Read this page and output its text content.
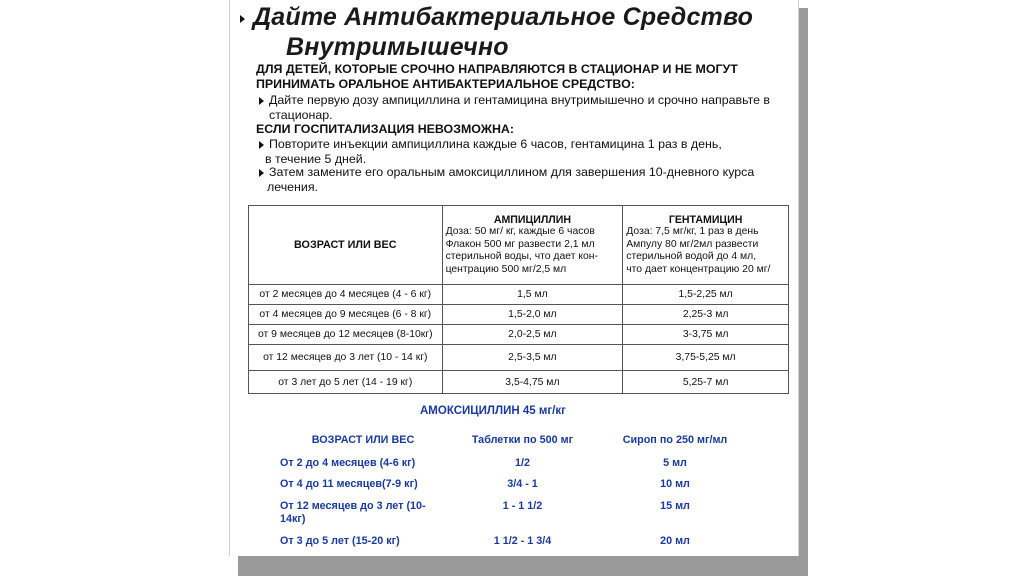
Дайте Антибактериальное Средство
Внутримышечно
ДЛЯ ДЕТЕЙ, КОТОРЫЕ СРОЧНО НАПРАВЛЯЮТСЯ В СТАЦИОНАР И НЕ МОГУТ
ПРИНИМАТЬ ОРАЛЬНОЕ АНТИБАКТЕРИАЛЬНОЕ СРЕДСТВО:
Дайте первую дозу ампициллина и гентамицина внутримышечно и срочно направьте в
стационар.
ЕСЛИ ГОСПИТАЛИЗАЦИЯ НЕВОЗМОЖНА:
Повторите инъекции ампициллина каждые 6 часов, гентамицина 1 раз в день,
в течение 5 дней.
Затем замените его оральным амоксициллином для завершения 10-дневного курса
лечения.
ВОЗРАСТ ИЛИ ВЕС	АМПИЦИЛЛИН
Доза: 50 мг/ кг, каждые 6 часов
Флакон 500 мг развести 2,1 мл
стерильной воды, что дает кон-
центрацию 500 мг/2,5 мл	ГЕНТАМИЦИН
Доза: 7,5 мг/кг, 1 раз в день
Ампулу 80 мг/2мл развести
стерильной водой до 4 мл,
что дает концентрацию 20 мг/
от 2 месяцев до 4 месяцев (4 - 6 кг)	1,5 мл	1,5-2,25 мл
от 4 месяцев до 9 месяцев (6 - 8 кг)	1,5-2,0 мл	2,25-3 мл
от 9 месяцев до 12 месяцев (8-10кг)	2,0-2,5 мл	3-3,75 мл
от 12 месяцев до 3 лет (10 - 14 кг)	2,5-3,5 мл	3,75-5,25 мл
от 3 лет до 5 лет (14 - 19 кг)	3,5-4,75 мл	5,25-7 мл
АМОКСИЦИЛЛИН 45 мг/кг
ВОЗРАСТ ИЛИ ВЕС	Таблетки по 500 мг	Сироп по 250 мг/мл
От 2 до 4 месяцев (4-6 кг)	1/2	5 мл
От 4 до 11 месяцев(7-9 кг)	3/4 - 1	10 мл
От 12 месяцев до 3 лет (10-
14кг)
1 - 1 1/2	15 мл
От 3 до 5 лет (15-20 кг)	1 1/2 - 1 3/4	20 мл
